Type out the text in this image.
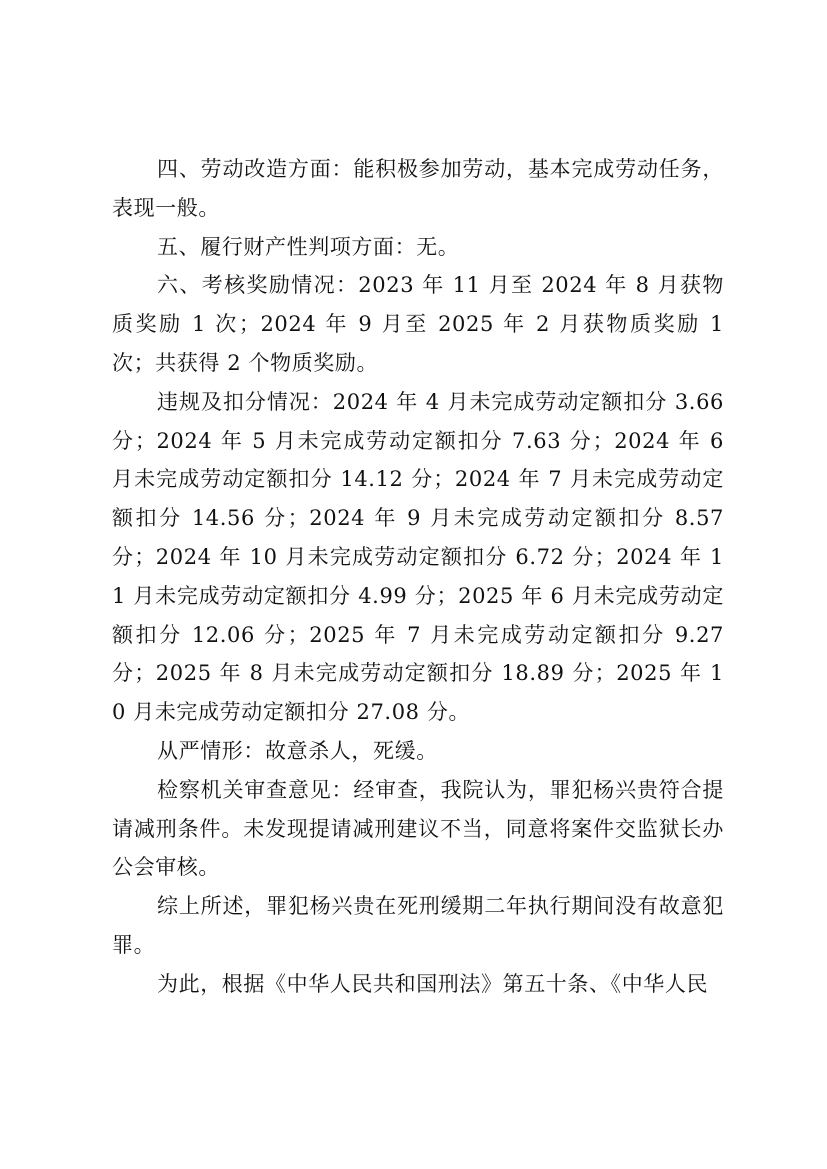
四、劳动改造方面：能积极参加劳动，基本完成劳动任务，表现一般。

五、履行财产性判项方面：无。

六、考核奖励情况：2023 年 11 月至 2024 年 8 月获物质奖励 1 次；2024 年 9 月至 2025 年 2 月获物质奖励 1 次；共获得 2 个物质奖励。

违规及扣分情况：2024 年 4 月未完成劳动定额扣分 3.66 分；2024 年 5 月未完成劳动定额扣分 7.63 分；2024 年 6 月未完成劳动定额扣分 14.12 分；2024 年 7 月未完成劳动定额扣分 14.56 分；2024 年 9 月未完成劳动定额扣分 8.57 分；2024 年 10 月未完成劳动定额扣分 6.72 分；2024 年 11 月未完成劳动定额扣分 4.99 分；2025 年 6 月未完成劳动定额扣分 12.06 分；2025 年 7 月未完成劳动定额扣分 9.27 分；2025 年 8 月未完成劳动定额扣分 18.89 分；2025 年 10 月未完成劳动定额扣分 27.08 分。

从严情形：故意杀人，死缓。

检察机关审查意见：经审查，我院认为，罪犯杨兴贵符合提请减刑条件。未发现提请减刑建议不当，同意将案件交监狱长办公会审核。

综上所述，罪犯杨兴贵在死刑缓期二年执行期间没有故意犯罪。

为此，根据《中华人民共和国刑法》第五十条、《中华人民
